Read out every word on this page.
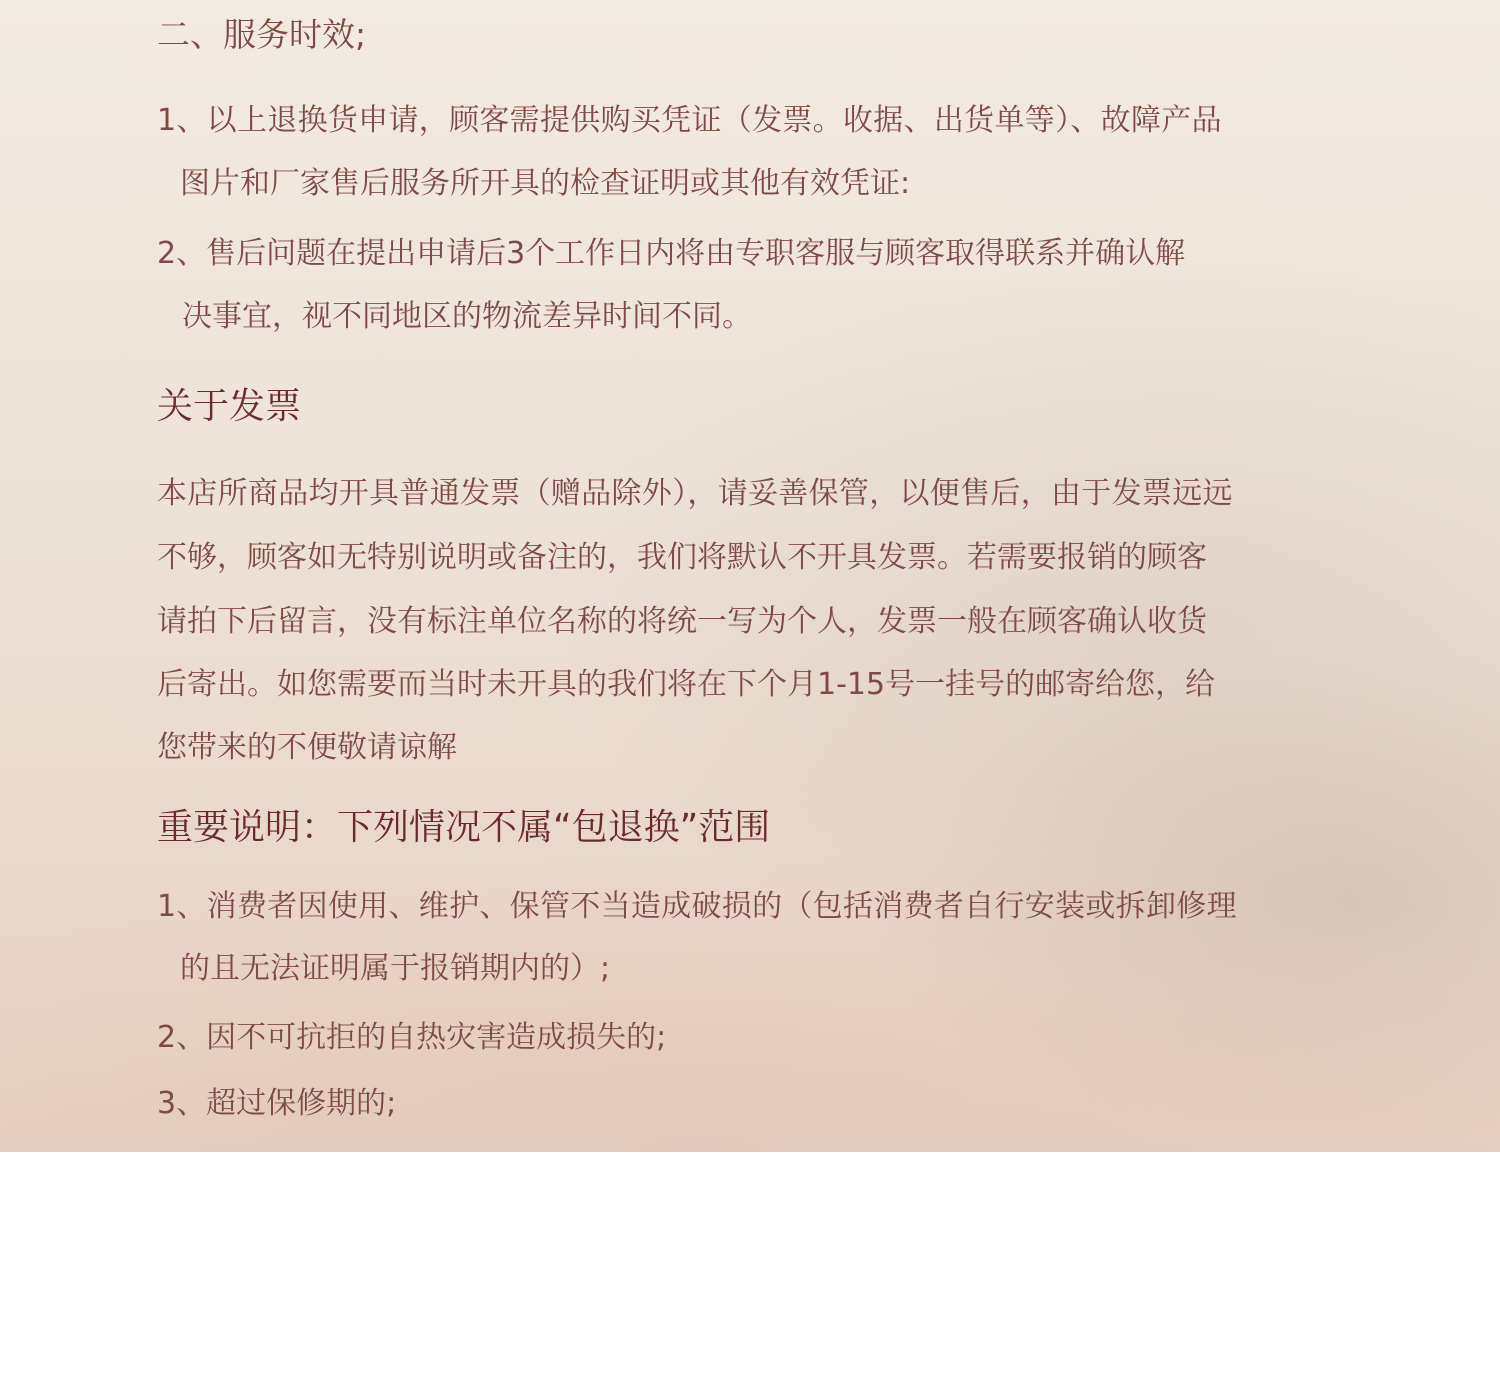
二、服务时效;
1、以上退换货申请，顾客需提供购买凭证（发票。收据、出货单等）、故障产品
图片和厂家售后服务所开具的检查证明或其他有效凭证:
2、售后问题在提出申请后3个工作日内将由专职客服与顾客取得联系并确认解
决事宜，视不同地区的物流差异时间不同。
关于发票
本店所商品均开具普通发票（赠品除外），请妥善保管，以便售后，由于发票远远
不够，顾客如无特别说明或备注的，我们将默认不开具发票。若需要报销的顾客
请拍下后留言，没有标注单位名称的将统一写为个人，发票一般在顾客确认收货
后寄出。如您需要而当时未开具的我们将在下个月1-15号一挂号的邮寄给您，给
您带来的不便敬请谅解
重要说明：下列情况不属“包退换”范围
1、消费者因使用、维护、保管不当造成破损的（包括消费者自行安装或拆卸修理
的且无法证明属于报销期内的）;
2、因不可抗拒的自热灾害造成损失的;
3、超过保修期的;
